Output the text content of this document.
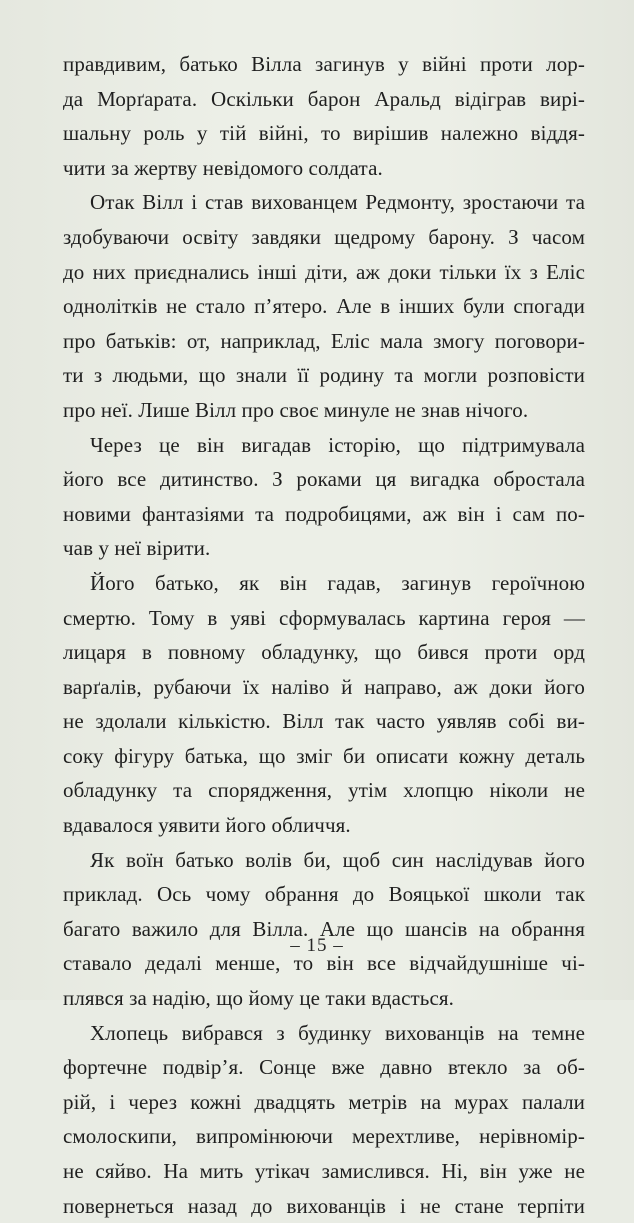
правдивим, батько Вілла загинув у війні проти лор-
да Морґарата. Оскільки барон Аральд відіграв вирі-
шальну роль у тій війні, то вирішив належно віддя-
чити за жертву невідомого солдата.
Отак Вілл і став вихованцем Редмонту, зростаючи та
здобуваючи освіту завдяки щедрому барону. З часом
до них приєднались інші діти, аж доки тільки їх з Еліс
однолітків не стало п’ятеро. Але в інших були спогади
про батьків: от, наприклад, Еліс мала змогу поговори-
ти з людьми, що знали її родину та могли розповісти
про неї. Лише Вілл про своє минуле не знав нічого.
Через це він вигадав історію, що підтримувала
його все дитинство. З роками ця вигадка обростала
новими фантазіями та подробицями, аж він і сам по-
чав у неї вірити.
Його батько, як він гадав, загинув героїчною
смертю. Тому в уяві сформувалась картина героя —
лицаря в повному обладунку, що бився проти орд
варґалів, рубаючи їх наліво й направо, аж доки його
не здолали кількістю. Вілл так часто уявляв собі ви-
соку фігуру батька, що зміг би описати кожну деталь
обладунку та спорядження, утім хлопцю ніколи не
вдавалося уявити його обличчя.
Як воїн батько волів би, щоб син наслідував його
приклад. Ось чому обрання до Вояцької школи так
багато важило для Вілла. Але що шансів на обрання
ставало дедалі менше, то він все відчайдушніше чі-
плявся за надію, що йому це таки вдасться.
Хлопець вибрався з будинку вихованців на темне
фортечне подвір’я. Сонце вже давно втекло за об-
рій, і через кожні двадцять метрів на мурах палали
смолоскипи, випромінюючи мерехтливе, нерівномір-
не сяйво. На мить утікач замислився. Ні, він уже не
повернеться назад до вихованців і не стане терпіти
– 15 –
